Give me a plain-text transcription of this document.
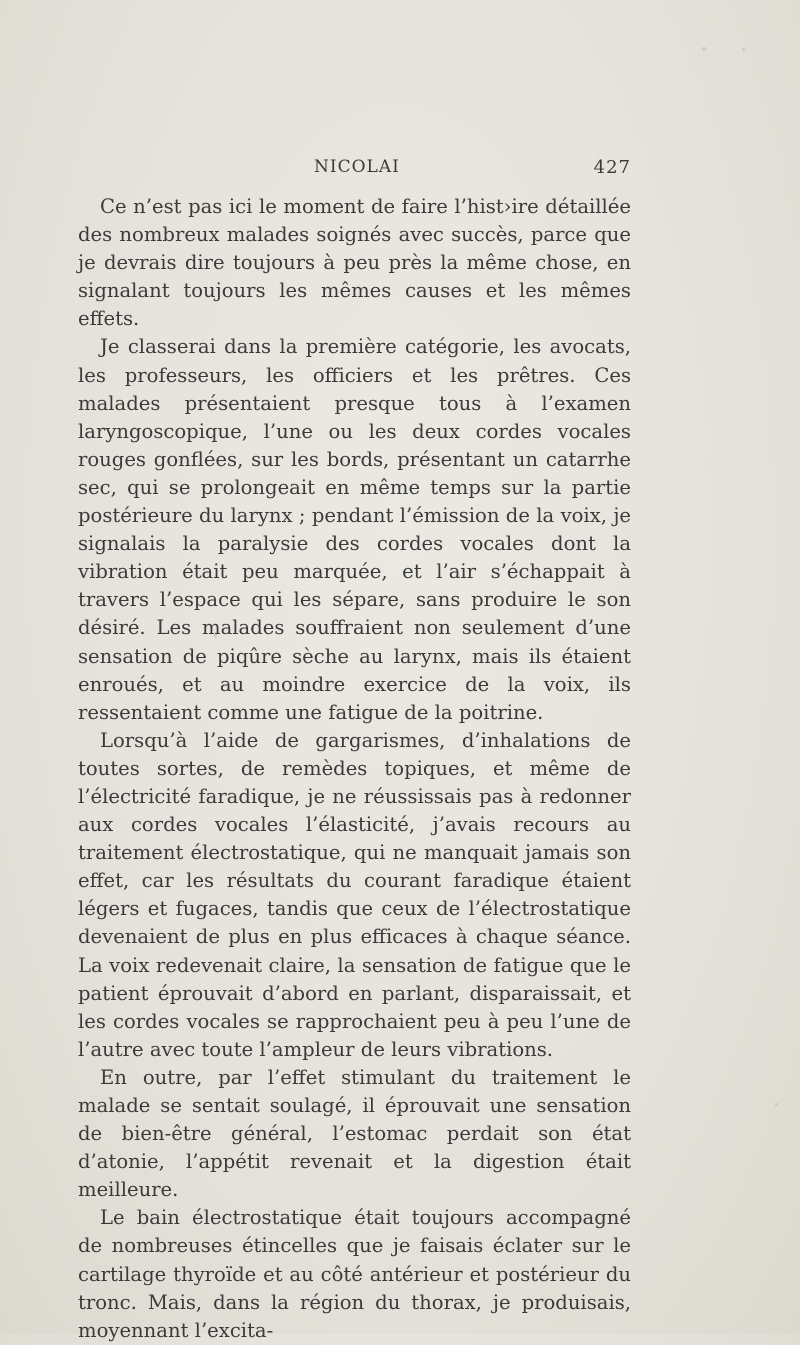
NICOLAI	427

Ce n’est pas ici le moment de faire l’hist›ire détaillée des nombreux malades soignés avec succès, parce que je devrais dire toujours à peu près la même chose, en signalant toujours les mêmes causes et les mêmes effets.

Je classerai dans la première catégorie, les avocats, les professeurs, les officiers et les prêtres. Ces malades présentaient presque tous à l’examen laryngoscopique, l’une ou les deux cordes vocales rouges gonflées, sur les bords, présentant un catarrhe sec, qui se prolongeait en même temps sur la partie postérieure du larynx ; pendant l’émission de la voix, je signalais la paralysie des cordes vocales dont la vibration était peu marquée, et l’air s’échappait à travers l’espace qui les sépare, sans produire le son désiré. Les malades souffraient non seulement d’une sensation de piqûre sèche au larynx, mais ils étaient enroués, et au moindre exercice de la voix, ils ressentaient comme une fatigue de la poitrine.

Lorsqu’à l’aide de gargarismes, d’inhalations de toutes sortes, de remèdes topiques, et même de l’électricité faradique, je ne réussissais pas à redonner aux cordes vocales l’élasticité, j’avais recours au traitement électrostatique, qui ne manquait jamais son effet, car les résultats du courant faradique étaient légers et fugaces, tandis que ceux de l’électrostatique devenaient de plus en plus efficaces à chaque séance. La voix redevenait claire, la sensation de fatigue que le patient éprouvait d’abord en parlant, disparaissait, et les cordes vocales se rapprochaient peu à peu l’une de l’autre avec toute l’ampleur de leurs vibrations.

En outre, par l’effet stimulant du traitement le malade se sentait soulagé, il éprouvait une sensation de bien-être général, l’estomac perdait son état d’atonie, l’appétit revenait et la digestion était meilleure.

Le bain électrostatique était toujours accompagné de nombreuses étincelles que je faisais éclater sur le cartilage thyroïde et au côté antérieur et postérieur du tronc. Mais, dans la région du thorax, je produisais, moyennant l’excita-
